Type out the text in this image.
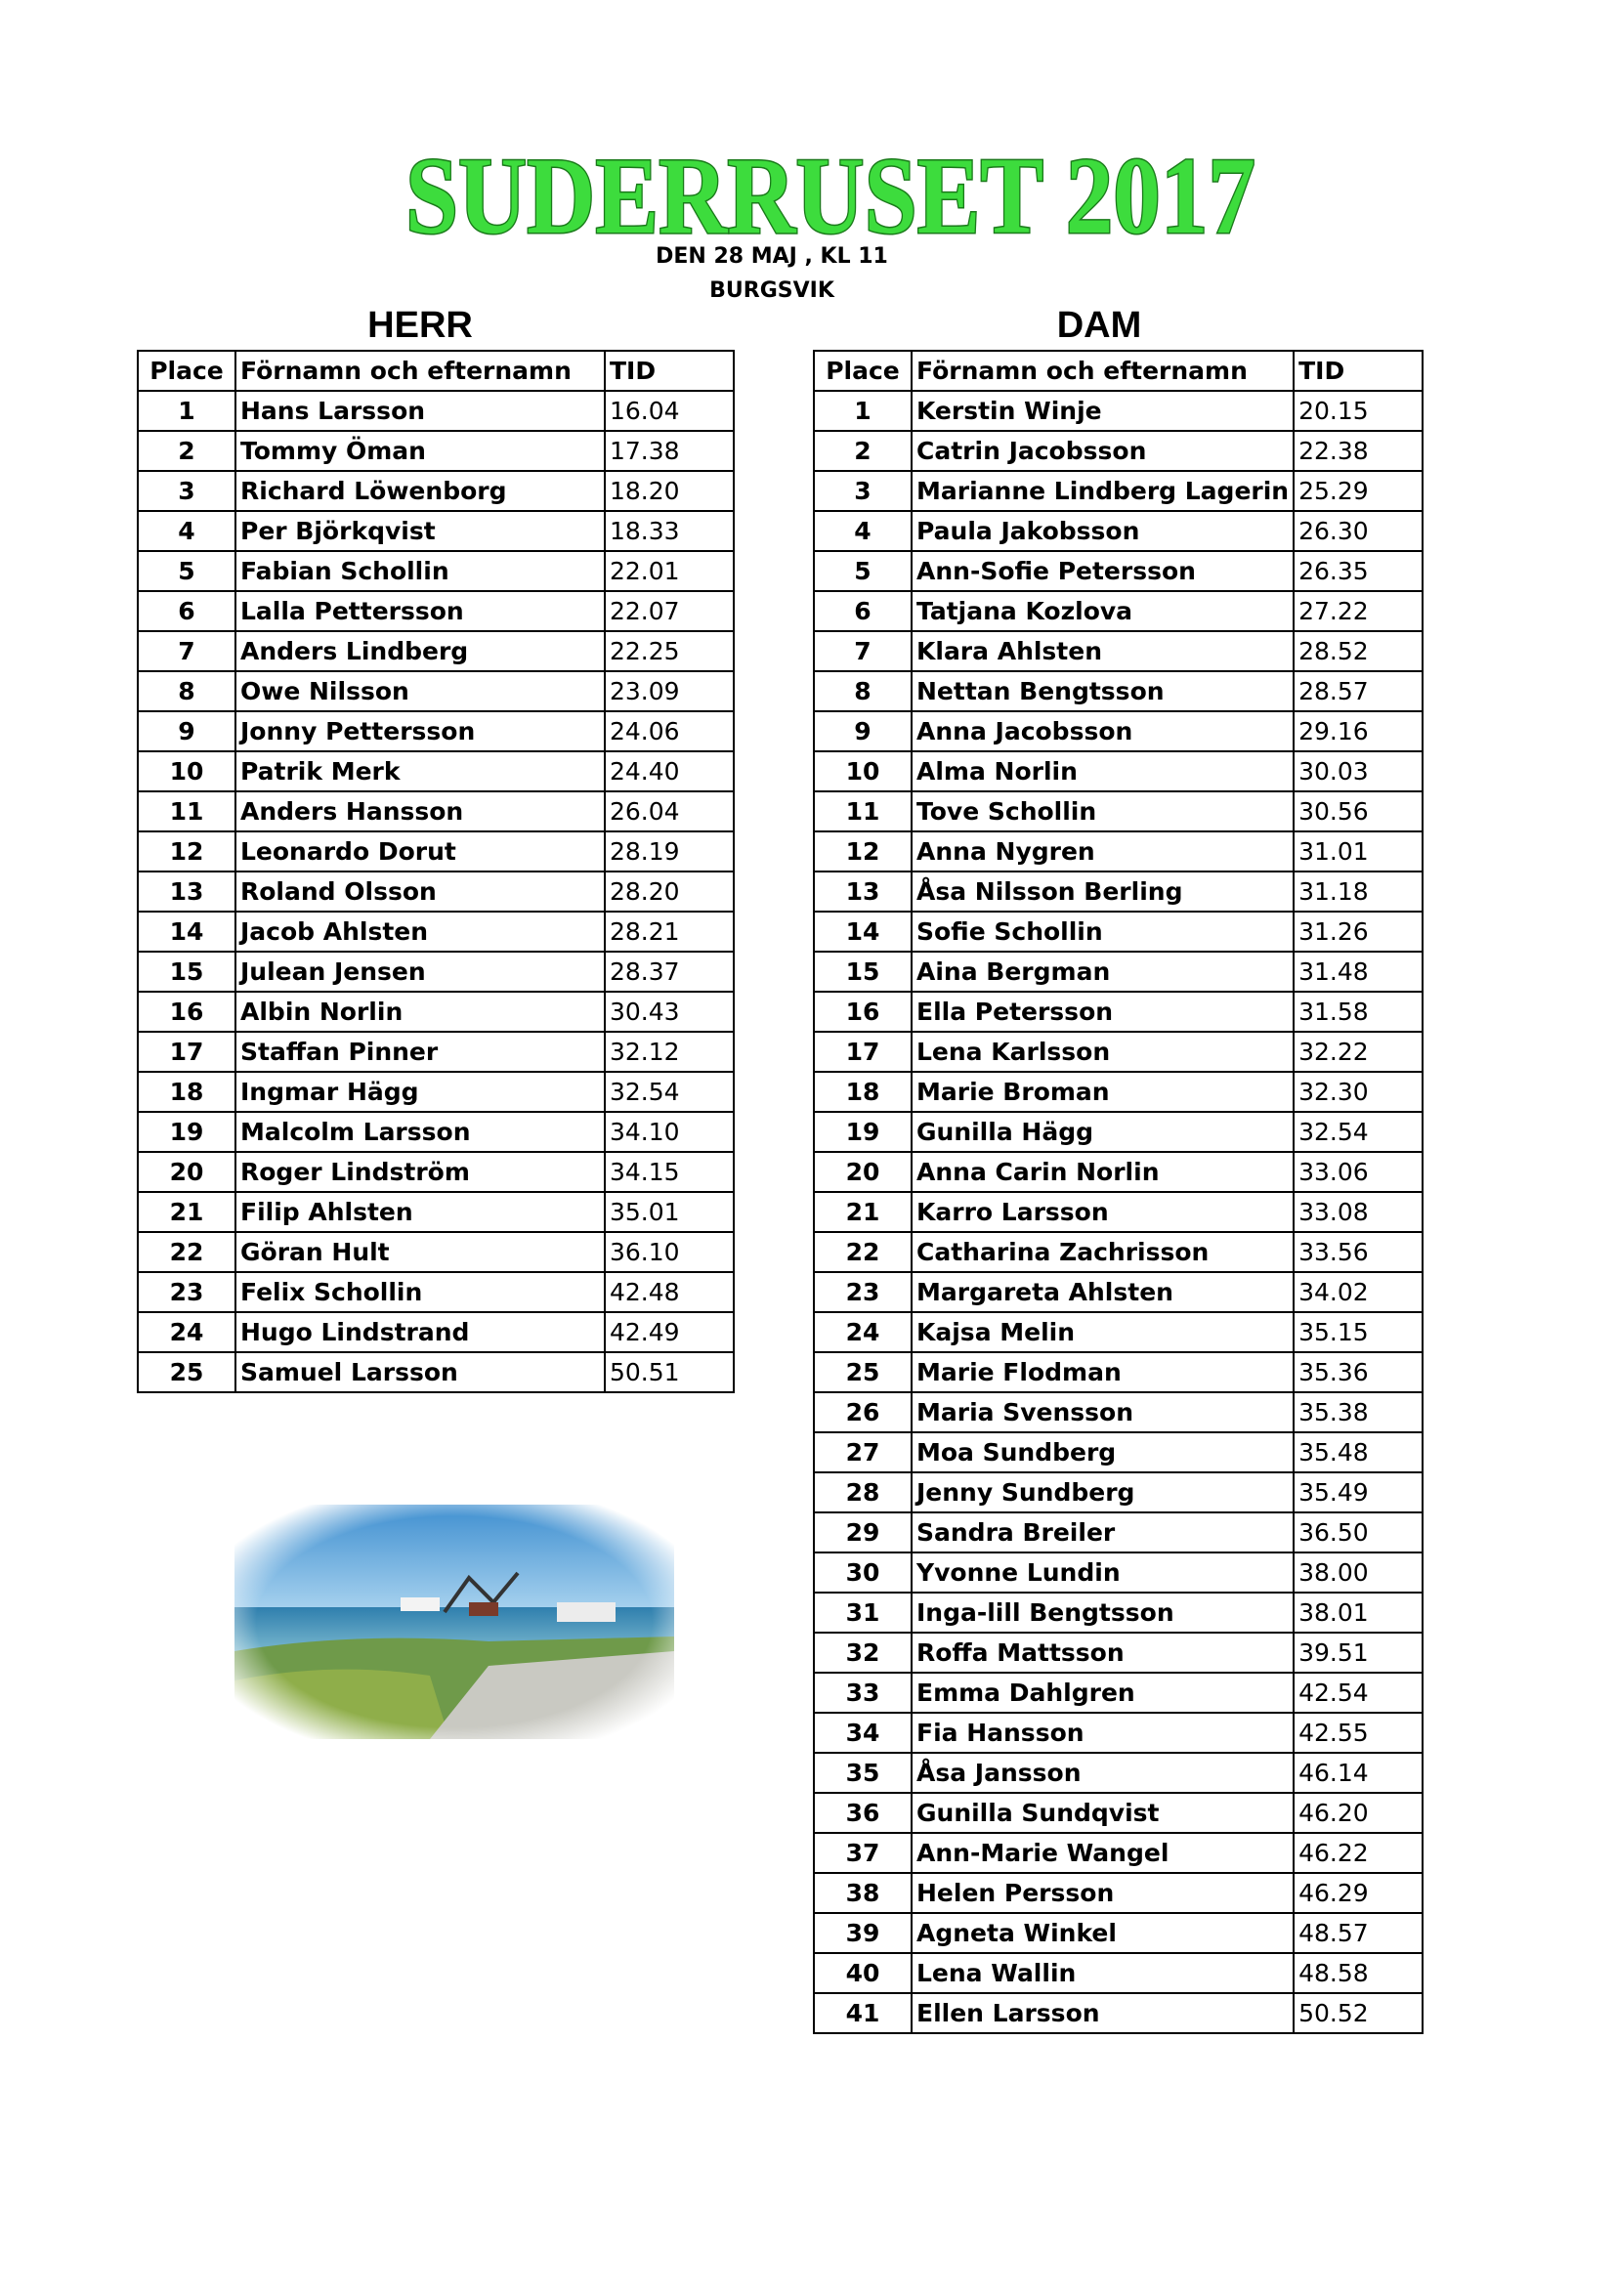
SUDERRUSET 2017
DEN 28 MAJ , KL 11
BURGSVIK
HERR	DAM
Place	Förnamn och efternamn	TID
1	Hans Larsson	16.04
2	Tommy Öman	17.38
3	Richard Löwenborg	18.20
4	Per Björkqvist	18.33
5	Fabian Schollin	22.01
6	Lalla Pettersson	22.07
7	Anders Lindberg	22.25
8	Owe Nilsson	23.09
9	Jonny Pettersson	24.06
10	Patrik Merk	24.40
11	Anders Hansson	26.04
12	Leonardo Dorut	28.19
13	Roland Olsson	28.20
14	Jacob Ahlsten	28.21
15	Julean Jensen	28.37
16	Albin Norlin	30.43
17	Staffan Pinner	32.12
18	Ingmar Hägg	32.54
19	Malcolm Larsson	34.10
20	Roger Lindström	34.15
21	Filip Ahlsten	35.01
22	Göran Hult	36.10
23	Felix Schollin	42.48
24	Hugo Lindstrand	42.49
25	Samuel Larsson	50.51
Place	Förnamn och efternamn	TID
1	Kerstin Winje	20.15
2	Catrin Jacobsson	22.38
3	Marianne Lindberg Lagerin	25.29
4	Paula Jakobsson	26.30
5	Ann-Sofie Petersson	26.35
6	Tatjana Kozlova	27.22
7	Klara Ahlsten	28.52
8	Nettan Bengtsson	28.57
9	Anna Jacobsson	29.16
10	Alma Norlin	30.03
11	Tove Schollin	30.56
12	Anna Nygren	31.01
13	Åsa Nilsson Berling	31.18
14	Sofie Schollin	31.26
15	Aina Bergman	31.48
16	Ella Petersson	31.58
17	Lena Karlsson	32.22
18	Marie Broman	32.30
19	Gunilla Hägg	32.54
20	Anna Carin Norlin	33.06
21	Karro Larsson	33.08
22	Catharina Zachrisson	33.56
23	Margareta Ahlsten	34.02
24	Kajsa Melin	35.15
25	Marie Flodman	35.36
26	Maria Svensson	35.38
27	Moa Sundberg	35.48
28	Jenny Sundberg	35.49
29	Sandra Breiler	36.50
30	Yvonne Lundin	38.00
31	Inga-lill Bengtsson	38.01
32	Roffa Mattsson	39.51
33	Emma Dahlgren	42.54
34	Fia Hansson	42.55
35	Åsa Jansson	46.14
36	Gunilla Sundqvist	46.20
37	Ann-Marie Wangel	46.22
38	Helen Persson	46.29
39	Agneta Winkel	48.57
40	Lena Wallin	48.58
41	Ellen Larsson	50.52
